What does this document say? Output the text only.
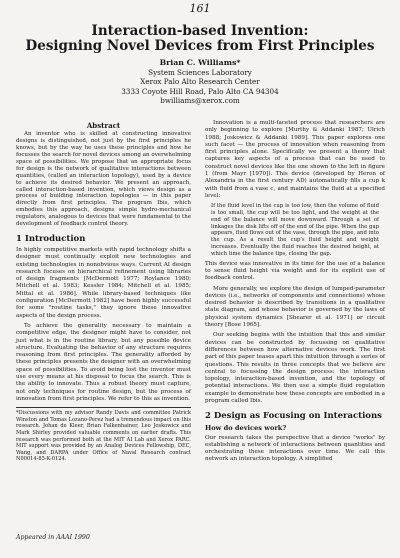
161
Interaction-based Invention:
Designing Novel Devices from First Principles
Brian C. Williams*
System Sciences Laboratory
Xerox Palo Alto Research Center
3333 Coyote Hill Road, Palo Alto CA 94304
bwilliams@xerox.com
Abstract

An inventor who is skilled at constructing innovative designs is distinguished, not just by the first principles he knows, but by the way he uses these principles and how he focusses the search for novel devices among an overwhelming space of possibilities. We propose that an appropriate focus for design is the network of qualitative interactions between quantities, (called an interaction topology), used by a device to achieve its desired behavior. We present an approach, called interaction-based invention, which views design as a process of building interaction topologies — in this paper directly from first principles. The program Ibis, which embodies this approach, designs simple hydro-mechanical regulators, analogous to devices that were fundamental to the development of feedback control theory.

1 Introduction

In highly competitive markets with rapid technology shifts a designer must continually exploit new technologies and existing technologies in nonobvious ways. Current AI design research focuses on hierarchical refinement using libraries of design fragments [McDermott 1977; Roylance 1980; Mitchell et al. 1983; Kessler 1984; Mitchell et al. 1985; Mittal et al. 1986]. While library-based techniques like configuration [McDermott 1982] have been highly successful for some "routine tasks," they ignore these innovative aspects of the design process.

To achieve the generality necessary to maintain a competitive edge, the designer might have to consider, not just what is in the routine library, but any possible device structure. Evaluating the behavior of any structure requires reasoning from first principles. The generality afforded by these principles presents the designer with an overwhelming space of possibilities. To avoid being lost the inventor must use every means at his disposal to focus the search. This is the ability to innovate. Thus a robust theory must capture, not only techniques for routine design, but the process of innovation from first principles. We refer to this as invention.

*Discussions with my advisor Randy Davis and committee Patrick Winston and Tomas Lozano-Perez had a tremendous impact on this research. Johan de Kleer, Brian Falkenhainer, Leo Joskowicz and Mark Shirley provided valuable comments on earlier drafts. This research was performed both at the MIT AI Lab and Xerox PARC. MIT support was provided by an Analog Devices Fellowship, DEC, Wang, and DARPA under Office of Naval Research contract N00014-85-K-0124.
Appeared in AAAI 1990

Innovation is a multi-faceted process that researchers are only beginning to explore [Murthy & Addanki 1987; Ulrich 1988; Joskowicz & Addanki 1989]. This paper explores one such facet — the process of innovation when reasoning from first principles alone. Specifically we present a theory that captures key aspects of a process that can be used to construct novel devices like the one shown to the left in figure 1 (from Mayr [1970]). This device (developed by Heron of Alexandria in the first century AD) automatically fills a cup k with fluid from a vase c, and maintains the fluid at a specified level:

If the fluid level in the cup is too low, then the volume of fluid is too small, the cup will be too light, and the weight at the end of the balance will move downward. Through a set of linkages the disk lifts off of the end of the pipe. When the gap appears, fluid flows out of the vase, through the pipe, and into the cup. As a result the cup's fluid height and weight increases. Eventually the fluid reaches the desired height, at which time the balance tips, closing the gap.

This device was innovative in its time for the use of a balance to sense fluid height via weight and for its explicit use of feedback control.

More generally, we explore the design of lumped-parameter devices (i.e., networks of components and connections) whose desired behavior is described by transitions in a qualitative state diagram, and whose behavior is governed by the laws of physical system dynamics [Shearer et al. 1971] or circuit theory [Bose 1965].

Our seeking begins with the intuition that this and similar devices can be constructed by focussing on qualitative differences between how alternative devices work. The first part of this paper teases apart this intuition through a series of questions. This results in three concepts that we believe are central to focussing the design process: the interaction topology, interaction-based invention, and the topology of potential interactions. We then use a simple fluid regulation example to demonstrate how these concepts are embodied in a program called Ibis.

2 Design as Focusing on Interactions
How do devices work?

Our research takes the perspective that a device "works" by establishing a network of interactions between quantities and orchestrating these interactions over time. We call this network an interaction topology. A simplified
